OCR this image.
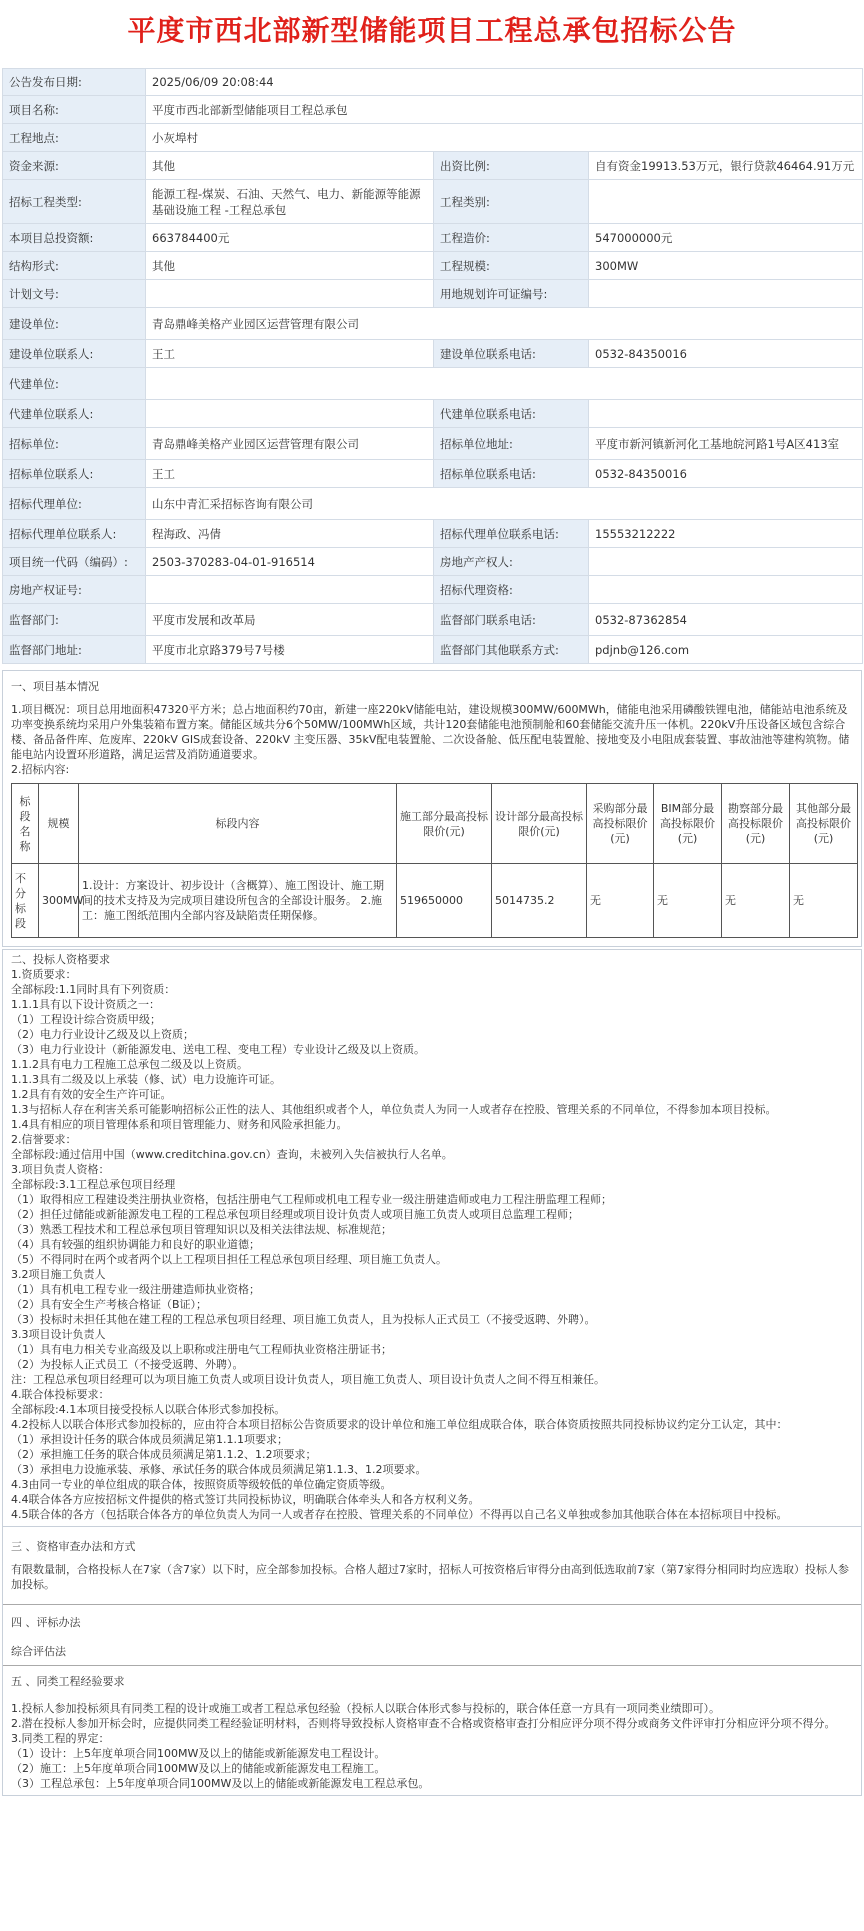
平度市西北部新型储能项目工程总承包招标公告
公告发布日期:	2025/06/09 20:08:44		
项目名称:	平度市西北部新型储能项目工程总承包		
工程地点:	小灰埠村		
资金来源:	其他	出资比例:	自有资金19913.53万元，银行贷款46464.91万元
招标工程类型:	能源工程-煤炭、石油、天然气、电力、新能源等能源基础设施工程 -工程总承包	工程类别:	
本项目总投资额:	663784400元	工程造价:	547000000元
结构形式:	其他	工程规模:	300MW
计划文号:		用地规划许可证编号:	
建设单位:	青岛鼎峰美格产业园区运营管理有限公司		
建设单位联系人:	王工	建设单位联系电话:	0532-84350016
代建单位:			
代建单位联系人:		代建单位联系电话:	
招标单位:	青岛鼎峰美格产业园区运营管理有限公司	招标单位地址:	平度市新河镇新河化工基地皖河路1号A区413室
招标单位联系人:	王工	招标单位联系电话:	0532-84350016
招标代理单位:	山东中青汇采招标咨询有限公司		
招标代理单位联系人:	程海政、冯倩	招标代理单位联系电话:	15553212222
项目统一代码（编码）:	2503-370283-04-01-916514	房地产产权人:	
房地产权证号:		招标代理资格:	
监督部门:	平度市发展和改革局	监督部门联系电话:	0532-87362854
监督部门地址:	平度市北京路379号7号楼	监督部门其他联系方式:	pdjnb@126.com

一、项目基本情况

1.项目概况：项目总用地面积47320平方米；总占地面积约70亩，新建一座220kV储能电站，建设规模300MW/600MWh，储能电池采用磷酸铁锂电池，储能站电池系统及功率变换系统均采用户外集装箱布置方案。储能区域共分6个50MW/100MWh区域，共计120套储能电池预制舱和60套储能交流升压一体机。220kV升压设备区域包含综合楼、备品备件库、危废库、220kV GIS成套设备、220kV 主变压器、35kV配电装置舱、二次设备舱、低压配电装置舱、接地变及小电阻成套装置、事故油池等建构筑物。储能电站内设置环形道路，满足运营及消防通道要求。

2.招标内容:

标段名称	规模	标段内容	施工部分最高投标限价(元)	设计部分最高投标限价(元)	采购部分最高投标限价(元)	BIM部分最高投标限价(元)	勘察部分最高投标限价(元)	其他部分最高投标限价(元)
不分标段	300MW	1.设计：方案设计、初步设计（含概算）、施工图设计、施工期间的技术支持及为完成项目建设所包含的全部设计服务。 2.施工：施工图纸范围内全部内容及缺陷责任期保修。	519650000	5014735.2	无	无	无	无

二、投标人资格要求

1.资质要求：

全部标段:1.1同时具有下列资质：

1.1.1具有以下设计资质之一：

（1）工程设计综合资质甲级；

（2）电力行业设计乙级及以上资质；

（3）电力行业设计（新能源发电、送电工程、变电工程）专业设计乙级及以上资质。

1.1.2具有电力工程施工总承包二级及以上资质。

1.1.3具有二级及以上承装（修、试）电力设施许可证。

1.2具有有效的安全生产许可证。

1.3与招标人存在利害关系可能影响招标公正性的法人、其他组织或者个人，单位负责人为同一人或者存在控股、管理关系的不同单位，不得参加本项目投标。

1.4具有相应的项目管理体系和项目管理能力、财务和风险承担能力。

2.信誉要求：

全部标段:通过信用中国（www.creditchina.gov.cn）查询，未被列入失信被执行人名单。

3.项目负责人资格：

全部标段:3.1工程总承包项目经理

（1）取得相应工程建设类注册执业资格，包括注册电气工程师或机电工程专业一级注册建造师或电力工程注册监理工程师；

（2）担任过储能或新能源发电工程的工程总承包项目经理或项目设计负责人或项目施工负责人或项目总监理工程师；

（3）熟悉工程技术和工程总承包项目管理知识以及相关法律法规、标准规范；

（4）具有较强的组织协调能力和良好的职业道德；

（5）不得同时在两个或者两个以上工程项目担任工程总承包项目经理、项目施工负责人。

3.2项目施工负责人

（1）具有机电工程专业一级注册建造师执业资格；

（2）具有安全生产考核合格证（B证）；

（3）投标时未担任其他在建工程的工程总承包项目经理、项目施工负责人，且为投标人正式员工（不接受返聘、外聘）。

3.3项目设计负责人

（1）具有电力相关专业高级及以上职称或注册电气工程师执业资格注册证书；

（2）为投标人正式员工（不接受返聘、外聘）。

注：工程总承包项目经理可以为项目施工负责人或项目设计负责人，项目施工负责人、项目设计负责人之间不得互相兼任。

4.联合体投标要求：

全部标段:4.1本项目接受投标人以联合体形式参加投标。

4.2投标人以联合体形式参加投标的，应由符合本项目招标公告资质要求的设计单位和施工单位组成联合体，联合体资质按照共同投标协议约定分工认定，其中：

（1）承担设计任务的联合体成员须满足第1.1.1项要求；

（2）承担施工任务的联合体成员须满足第1.1.2、1.2项要求；

（3）承担电力设施承装、承修、承试任务的联合体成员须满足第1.1.3、1.2项要求。

4.3由同一专业的单位组成的联合体，按照资质等级较低的单位确定资质等级。

4.4联合体各方应按招标文件提供的格式签订共同投标协议，明确联合体牵头人和各方权利义务。

4.5联合体的各方（包括联合体各方的单位负责人为同一人或者存在控股、管理关系的不同单位）不得再以自己名义单独或参加其他联合体在本招标项目中投标。

三 、资格审查办法和方式

有限数量制，合格投标人在7家（含7家）以下时，应全部参加投标。合格人超过7家时，招标人可按资格后审得分由高到低选取前7家（第7家得分相同时均应选取）投标人参加投标。

四 、评标办法

综合评估法

五 、同类工程经验要求

1.投标人参加投标须具有同类工程的设计或施工或者工程总承包经验（投标人以联合体形式参与投标的，联合体任意一方具有一项同类业绩即可）。

2.潜在投标人参加开标会时，应提供同类工程经验证明材料，否则将导致投标人资格审查不合格或资格审查打分相应评分项不得分或商务文件评审打分相应评分项不得分。

3.同类工程的界定：

（1）设计：上5年度单项合同100MW及以上的储能或新能源发电工程设计。

（2）施工：上5年度单项合同100MW及以上的储能或新能源发电工程施工。

（3）工程总承包：上5年度单项合同100MW及以上的储能或新能源发电工程总承包。
